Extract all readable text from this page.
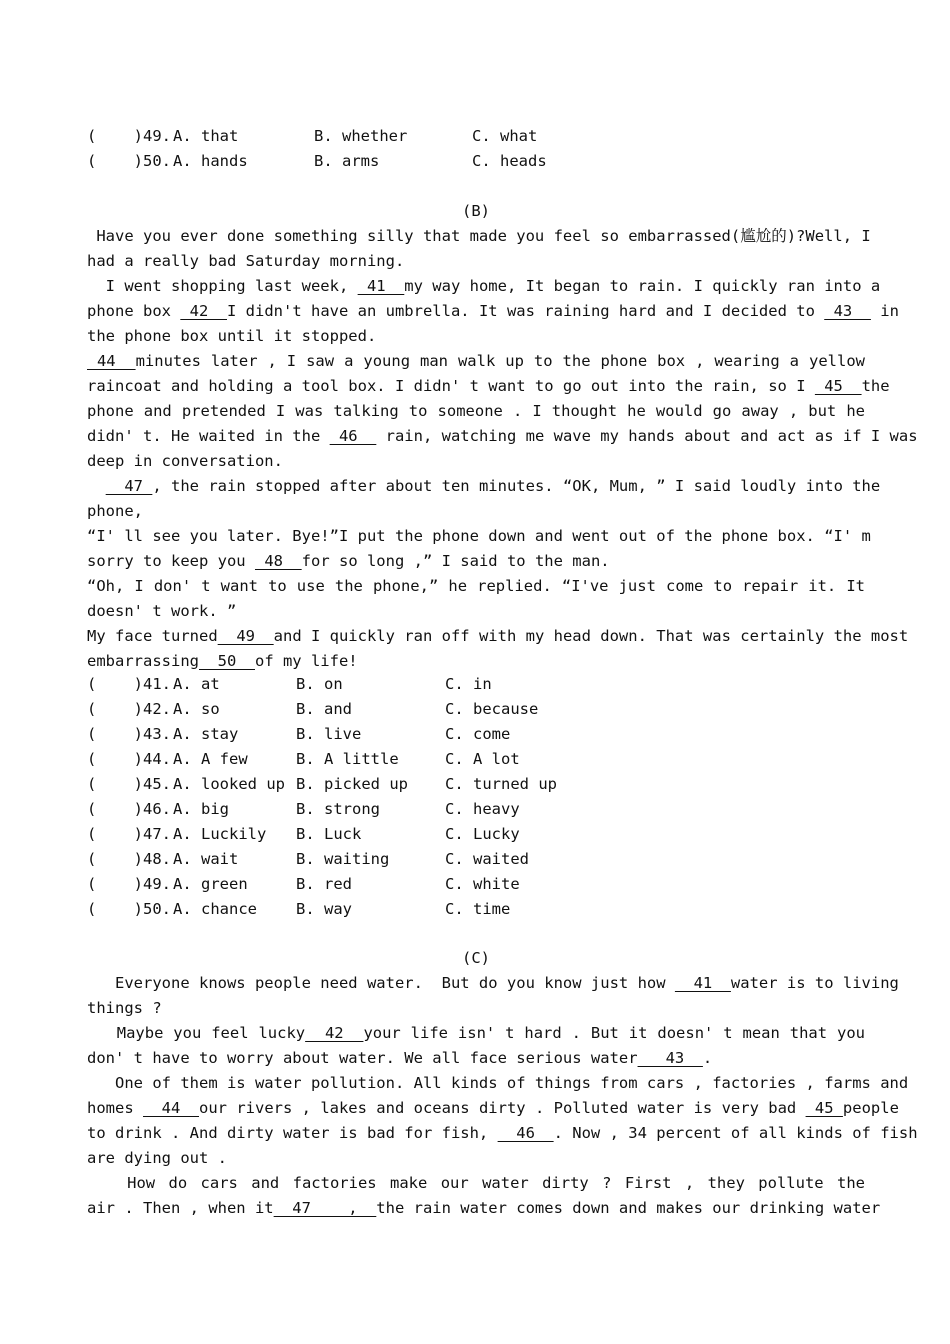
(    )49. A. that	B. whether	C. what
(    )50. A. hands	B. arms	C. heads
(B)
Have you ever done something silly that made you feel so embarrassed(尴尬的)?Well, I
had a really bad Saturday morning.
I went shopping last week,  41  my way home, It began to rain. I quickly ran into a
phone box  42  I didn't have an umbrella. It was raining hard and I decided to  43   in
the phone box until it stopped.
44  minutes later , I saw a young man walk up to the phone box , wearing a yellow
raincoat and holding a tool box. I didn' t want to go out into the rain, so I  45  the
phone and pretended I was talking to someone . I thought he would go away , but he
didn' t. He waited in the  46   rain, watching me wave my hands about and act as if I was
deep in conversation.
47 , the rain stopped after about ten minutes. “OK, Mum, ” I said loudly into the
phone,
“I' ll see you later. Bye!”I put the phone down and went out of the phone box. “I' m
sorry to keep you  48  for so long ,” I said to the man.
“Oh, I don' t want to use the phone,” he replied. “I've just come to repair it. It
doesn' t work. ”
My face turned  49  and I quickly ran off with my head down. That was certainly the most
embarrassing  50  of my life!
(    )41. A. at	B. on	C. in
(    )42. A. so	B. and	C. because
(    )43. A. stay	B. live	C. come
(    )44. A. A few	B. A little	C. A lot
(    )45. A. looked up B. picked up C. turned up
(    )46. A. big	B. strong	C. heavy
(    )47. A. Luckily B. Luck	C. Lucky
(    )48. A. wait	B. waiting	C. waited
(    )49. A. green	B. red	C. white
(    )50. A. chance	B. way	C. time
(C)
Everyone knows people need water.  But do you know just how   41  water is to living
things ?
Maybe you feel lucky  42  your life isn' t hard . But it doesn' t mean that you
don' t have to worry about water. We all face serious water_  43  .
One of them is water pollution. All kinds of things from cars , factories , farms and
homes   44  our rivers , lakes and oceans dirty . Polluted water is very bad  45 people
to drink . And dirty water is bad for fish,   46  . Now , 34 percent of all kinds of fish
are dying out .
How do cars and factories make our water dirty ? First , they pollute the
air . Then , when it  47    ,  the rain water comes down and makes our drinking water
